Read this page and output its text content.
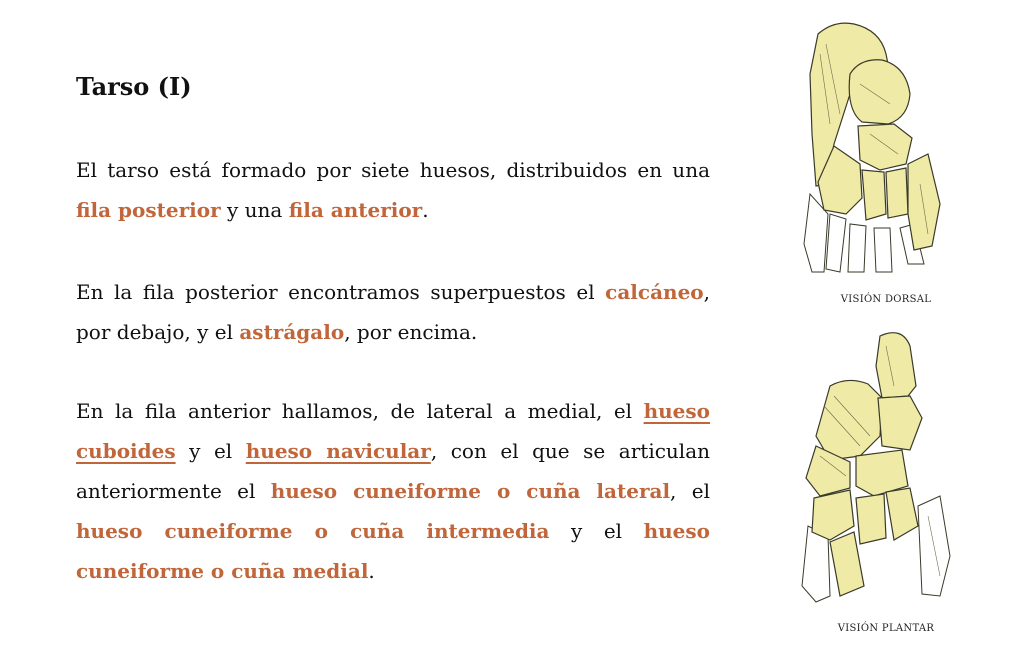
Tarso (I)

El tarso está formado por siete huesos, distribuidos en una fila posterior y una fila anterior.

En la fila posterior encontramos superpuestos el calcáneo, por debajo, y el astrágalo, por encima.

En la fila anterior hallamos, de lateral a medial, el hueso cuboides y el hueso navicular, con el que se articulan anteriormente el hueso cuneiforme o cuña lateral, el hueso cuneiforme o cuña intermedia y el hueso cuneiforme o cuña medial.

VISIÓN DORSAL
VISIÓN PLANTAR
